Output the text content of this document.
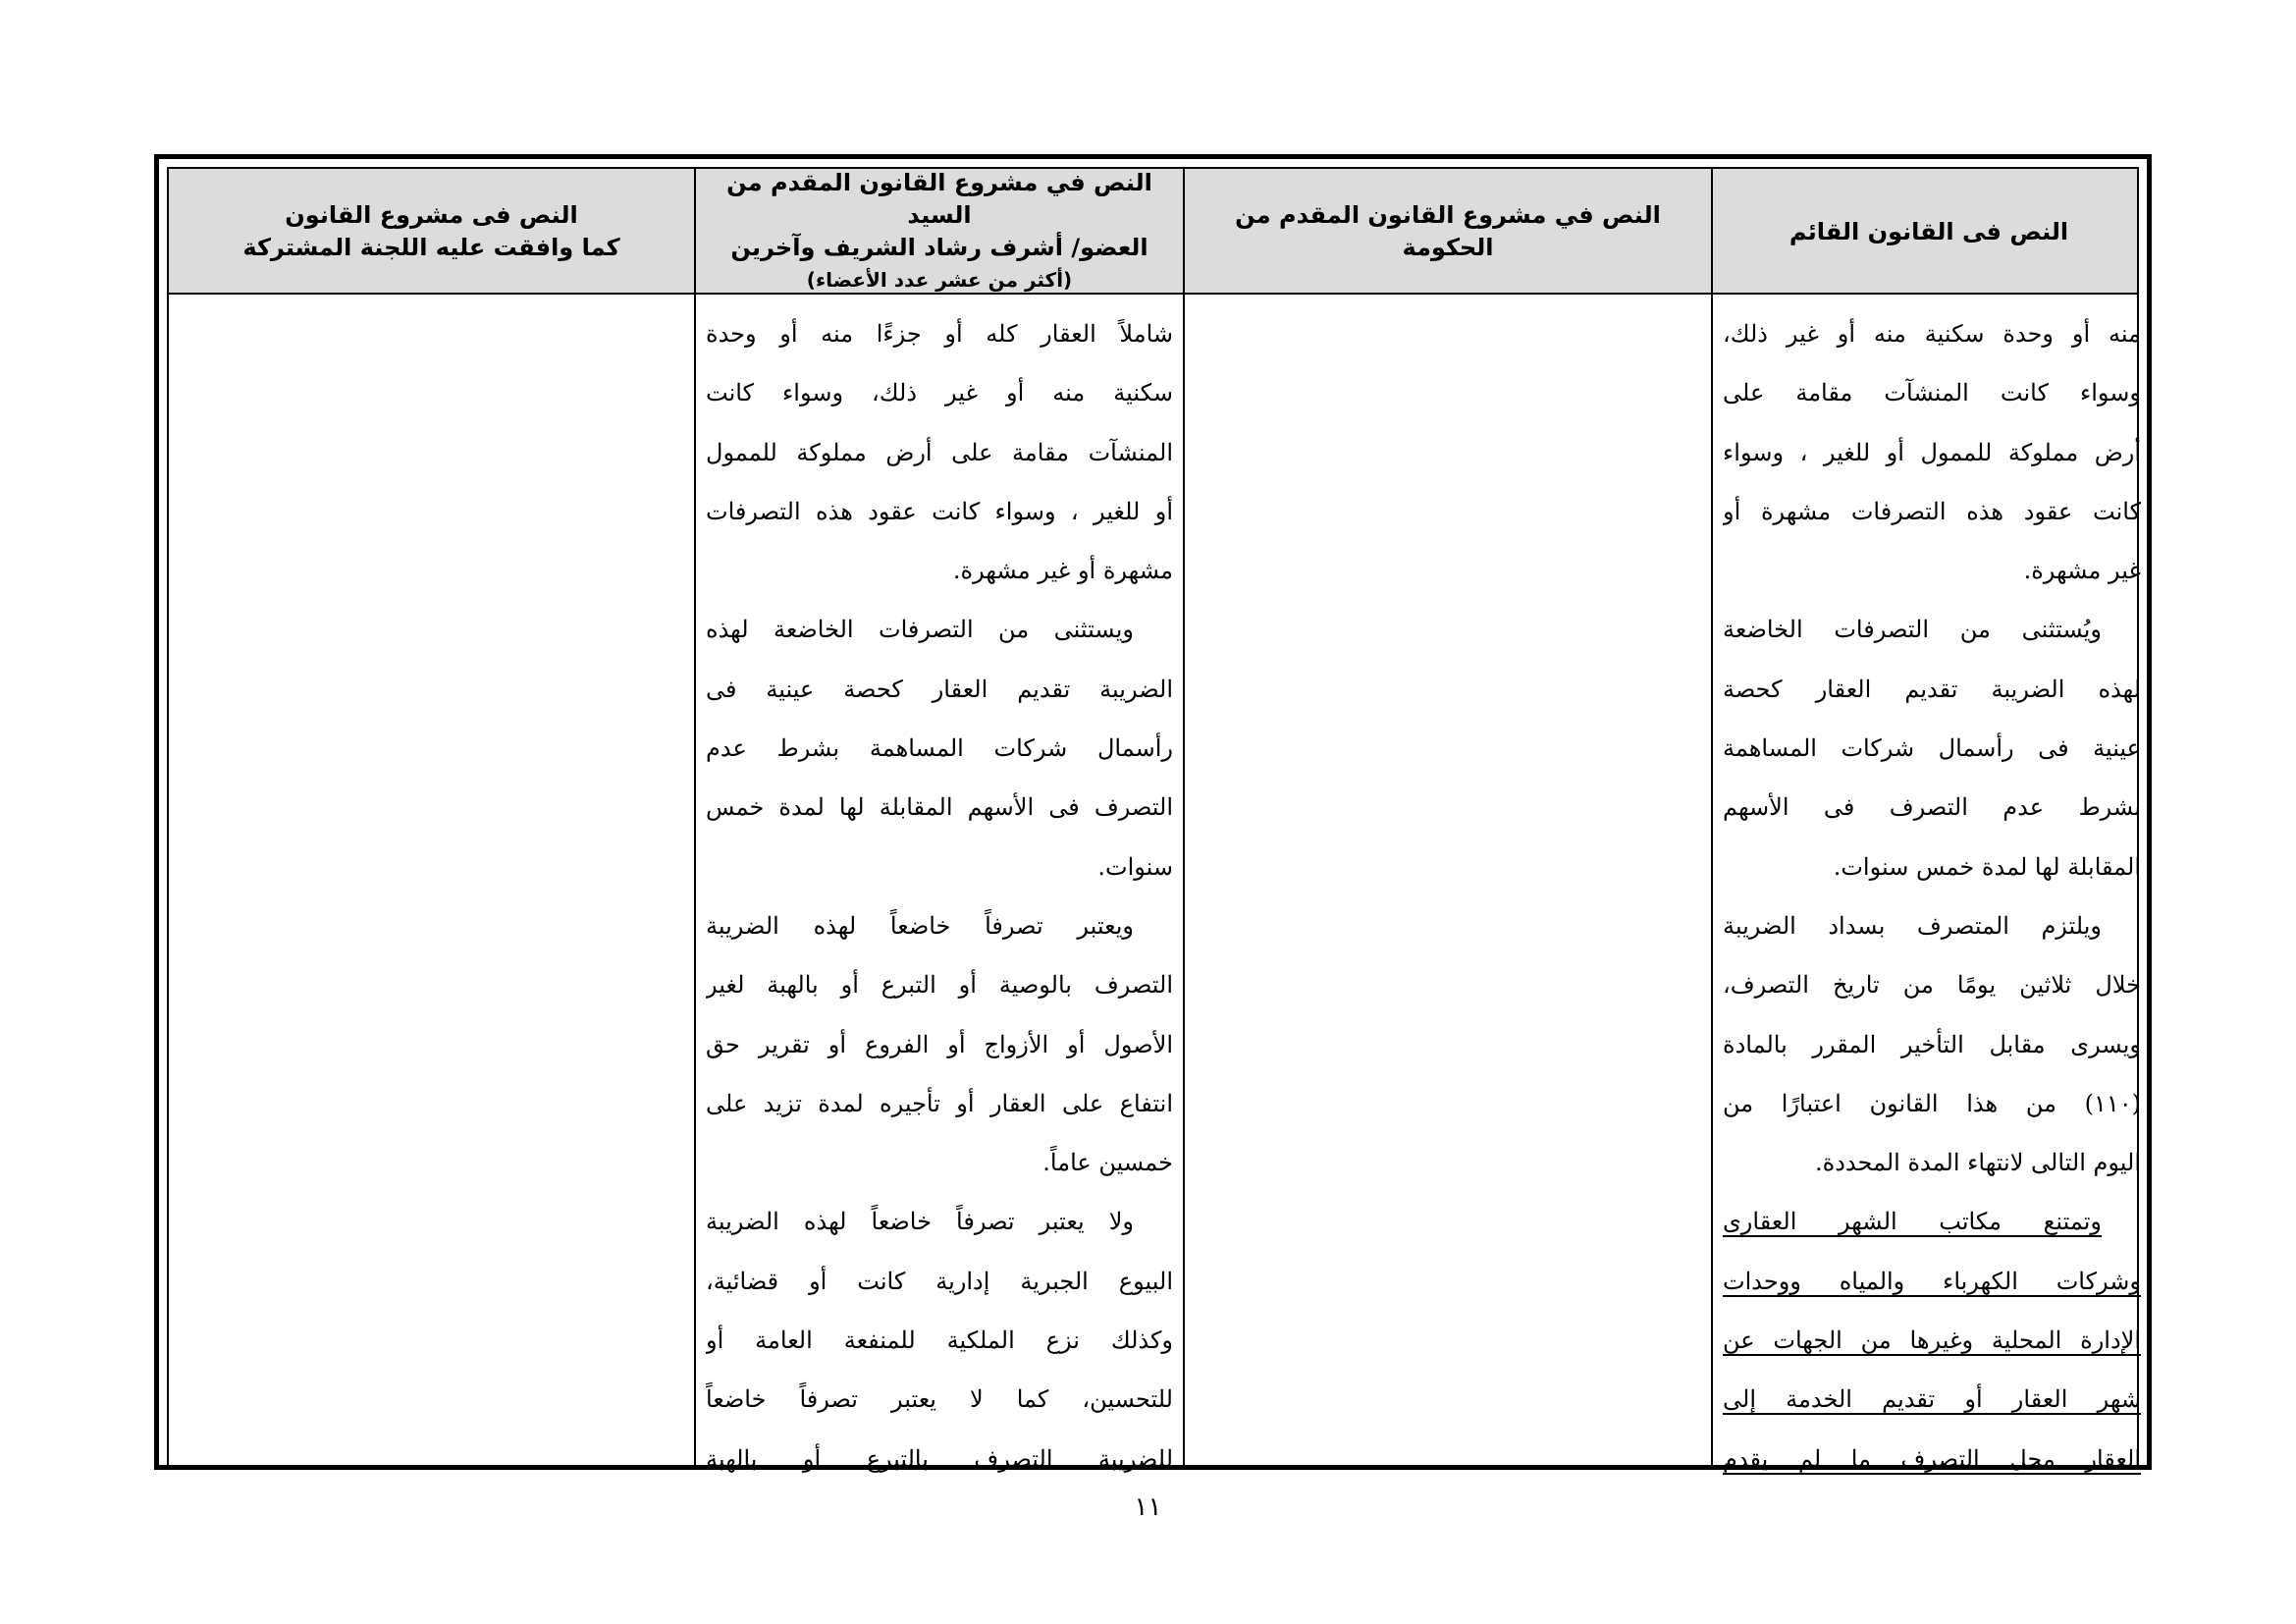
النص فى القانون القائم
النص في مشروع القانون المقدم من الحكومة
النص في مشروع القانون المقدم من السيد
العضو/ أشرف رشاد الشريف وآخرين
(أكثر من عشر عدد الأعضاء)
النص فى مشروع القانون
كما وافقت عليه اللجنة المشتركة
منه أو وحدة سكنية منه أو غير ذلك،
وسواء كانت المنشآت مقامة على
أرض مملوكة للممول أو للغير ، وسواء
كانت عقود هذه التصرفات مشهرة أو
غير مشهرة.
ويُستثنى من التصرفات الخاضعة
لهذه الضريبة تقديم العقار كحصة
عينية فى رأسمال شركات المساهمة
بشرط عدم التصرف فى الأسهم
المقابلة لها لمدة خمس سنوات.
ويلتزم المتصرف بسداد الضريبة
خلال ثلاثين يومًا من تاريخ التصرف،
ويسرى مقابل التأخير المقرر بالمادة
(١١٠) من هذا القانون اعتبارًا من
اليوم التالى لانتهاء المدة المحددة.
وتمتنع مكاتب الشهر العقارى
وشركات الكهرباء والمياه ووحدات
الإدارة المحلية وغيرها من الجهات عن
شهر العقار أو تقديم الخدمة إلى
العقار محل التصرف ما لم يقدم
شاملاً العقار كله أو جزءًا منه أو وحدة
سكنية منه أو غير ذلك، وسواء كانت
المنشآت مقامة على أرض مملوكة للممول
أو للغير ، وسواء كانت عقود هذه التصرفات
مشهرة أو غير مشهرة.
ويستثنى من التصرفات الخاضعة لهذه
الضريبة تقديم العقار كحصة عينية فى
رأسمال شركات المساهمة بشرط عدم
التصرف فى الأسهم المقابلة لها لمدة خمس
سنوات.
ويعتبر تصرفاً خاضعاً لهذه الضريبة
التصرف بالوصية أو التبرع أو بالهبة لغير
الأصول أو الأزواج أو الفروع أو تقرير حق
انتفاع على العقار أو تأجيره لمدة تزيد على
خمسين عاماً.
ولا يعتبر تصرفاً خاضعاً لهذه الضريبة
البيوع الجبرية إدارية كانت أو قضائية،
وكذلك نزع الملكية للمنفعة العامة أو
للتحسين، كما لا يعتبر تصرفاً خاضعاً
للضريبة التصرف بالتبرع أو بالهبة
١١
